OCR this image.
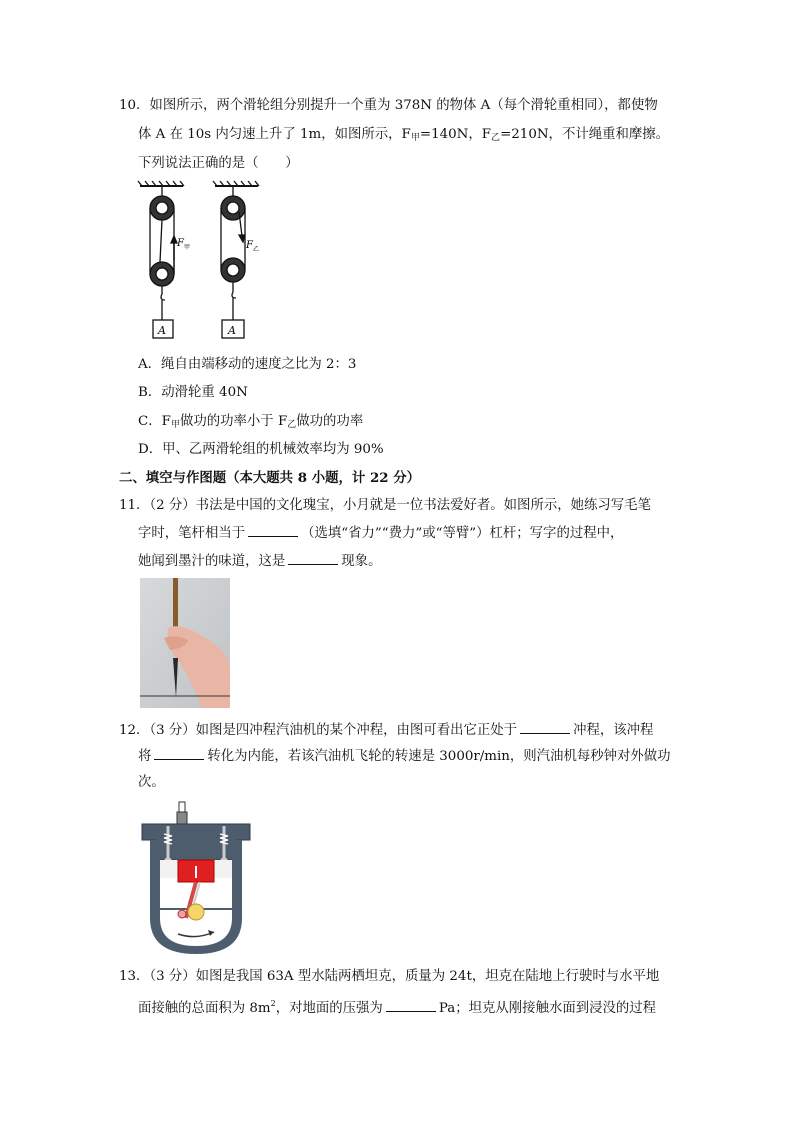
10．如图所示，两个滑轮组分别提升一个重为 378N 的物体 A（每个滑轮重相同），都使物
体 A 在 10s 内匀速上升了 1m，如图所示，$F_甲=140N$，$F_乙=210N$，不计绳重和摩擦。
下列说法正确的是（　　）
F 甲	F 乙
A	A
A．绳自由端移动的速度之比为 2：3
B．动滑轮重 40N
C．$F_甲$做功的功率小于 $F_乙$做功的功率
D．甲、乙两滑轮组的机械效率均为 90%
二、填空与作图题（本大题共 8 小题，计 22 分）
11．（2 分）书法是中国的文化瑰宝，小月就是一位书法爱好者。如图所示，她练习写毛笔
字时，笔杆相当于	（选填“省力”“费力”或“等臂”）杠杆；写字的过程中，
她闻到墨汁的味道，这是	现象。
12．（3 分）如图是四冲程汽油机的某个冲程，由图可看出它正处于	冲程，该冲程
将	转化为内能，若该汽油机飞轮的转速是 3000r/min，则汽油机每秒钟对外做功
次。
13．（3 分）如图是我国 63A 型水陆两栖坦克，质量为 24t，坦克在陆地上行驶时与水平地
面接触的总面积为 $8m^2$，对地面的压强为	Pa；坦克从刚接触水面到浸没的过程
